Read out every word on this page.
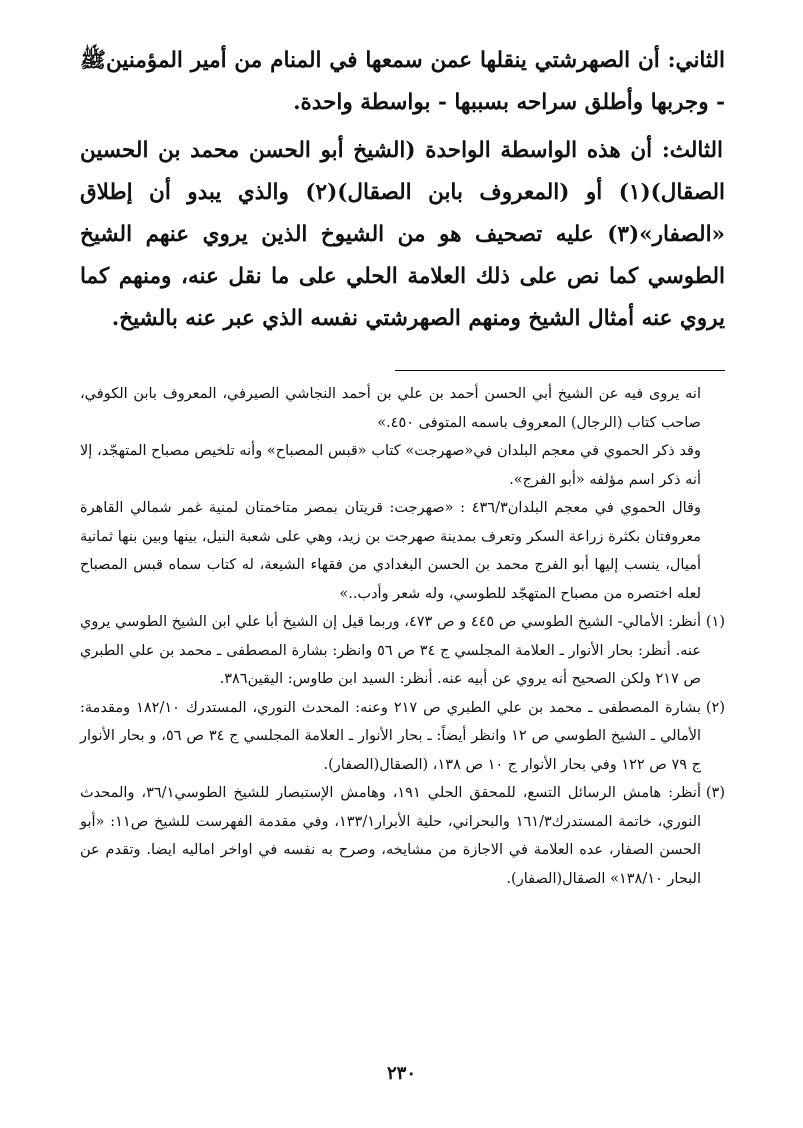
الثاني: أن الصهرشتي ينقلها عمن سمعها في المنام من أمير المؤمنينﷺ - وجربها وأطلق سراحه بسببها - بواسطة واحدة.

الثالث: أن هذه الواسطة الواحدة (الشيخ أبو الحسن محمد بن الحسين الصقال)(١) أو (المعروف بابن الصقال)(٢) والذي يبدو أن إطلاق «الصفار»(٣) عليه تصحيف هو من الشيوخ الذين يروي عنهم الشيخ الطوسي كما نص على ذلك العلامة الحلي على ما نقل عنه، ومنهم كما يروي عنه أمثال الشيخ ومنهم الصهرشتي نفسه الذي عبر عنه بالشيخ.

انه يروى فيه عن الشيخ أبي الحسن أحمد بن علي بن أحمد النجاشي الصيرفي، المعروف بابن الكوفي، صاحب كتاب (الرجال) المعروف باسمه المتوفى ٤٥٠.»

وقد ذكر الحموي في معجم البلدان في«صهرجت» كتاب «قبس المصباح» وأنه تلخيص مصباح المتهجّد، إلا أنه ذكر اسم مؤلفه «أبو الفرج».

وقال الحموي في معجم البلدان٤٣٦/٣ : «صهرجت: قريتان بمصر متاخمتان لمنية غمر شمالي القاهرة معروفتان بكثرة زراعة السكر وتعرف بمدينة صهرجت بن زيد، وهي على شعبة النيل، بينها وبين بنها ثمانية أميال، ينسب إليها أبو الفرج محمد بن الحسن البغدادي من فقهاء الشيعة، له كتاب سماه قبس المصباح لعله اختصره من مصباح المتهجّد للطوسي، وله شعر وأدب..»

(١)
أنظر: الأمالي- الشيخ الطوسي ص ٤٤٥ و ص ٤٧٣، وربما قيل إن الشيخ أبا علي ابن الشيخ الطوسي يروي عنه. أنظر: بحار الأنوار ـ العلامة المجلسي ج ٣٤ ص ٥٦ وانظر: بشارة المصطفى ـ محمد بن علي الطبري ص ٢١٧ ولكن الصحيح أنه يروي عن أبيه عنه. أنظر: السيد ابن طاوس: اليقين٣٨٦.
(٢)
بشارة المصطفى ـ محمد بن علي الطبري ص ٢١٧ وعنه: المحدث النوري، المستدرك ١٨٢/١٠ ومقدمة: الأمالي ـ الشيخ الطوسي ص ١٢ وانظر أيضاً: ـ بحار الأنوار ـ العلامة المجلسي ج ٣٤ ص ٥٦، و بحار الأنوار ج ٧٩ ص ١٢٢ وفي بحار الأنوار ج ١٠ ص ١٣٨، (الصقال(الصفار).
(٣)
أنظر: هامش الرسائل التسع، للمحقق الحلي ١٩١، وهامش الإستبصار للشيخ الطوسي٣٦/١، والمحدث النوري، خاتمة المستدرك١٦١/٣ والبحراني، حلية الأبرار١٣٣/١، وفي مقدمة الفهرست للشيخ ص١١: «أبو الحسن الصفار، عده العلامة في الاجازة من مشايخه، وصرح به نفسه في اواخر اماليه ايضا. وتقدم عن البحار ١٣٨/١٠» الصقال(الصفار).
٢٣٠
